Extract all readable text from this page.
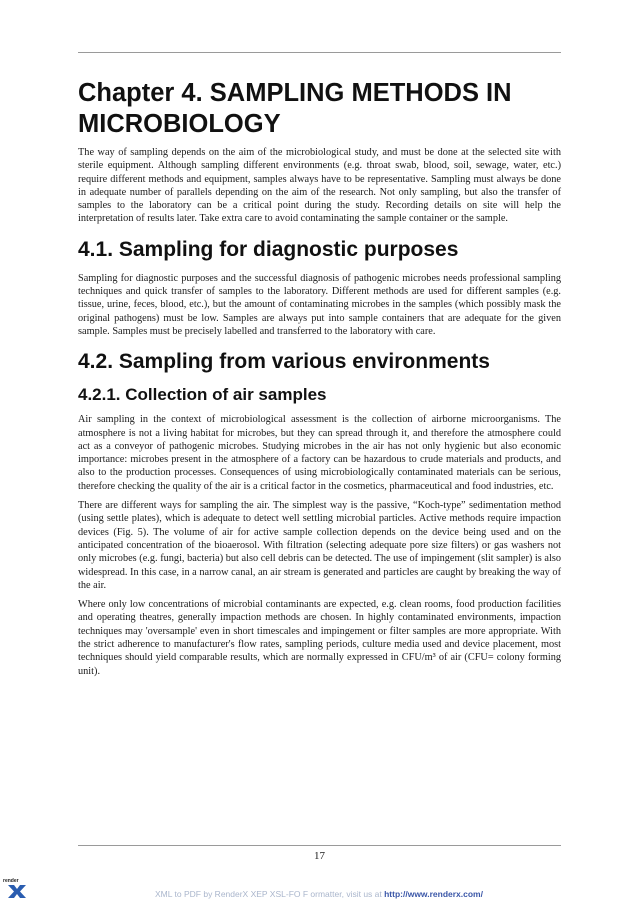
Chapter 4. SAMPLING METHODS IN MICROBIOLOGY

The way of sampling depends on the aim of the microbiological study, and must be done at the selected site with sterile equipment. Although sampling different environments (e.g. throat swab, blood, soil, sewage, water, etc.) require different methods and equipment, samples always have to be representative. Sampling must always be done in adequate number of parallels depending on the aim of the research. Not only sampling, but also the transfer of samples to the laboratory can be a critical point during the study. Recording details on site will help the interpretation of results later. Take extra care to avoid contaminating the sample container or the sample.

4.1. Sampling for diagnostic purposes

Sampling for diagnostic purposes and the successful diagnosis of pathogenic microbes needs professional sampling techniques and quick transfer of samples to the laboratory. Different methods are used for different samples (e.g. tissue, urine, feces, blood, etc.), but the amount of contaminating microbes in the samples (which possibly mask the original pathogens) must be low. Samples are always put into sample containers that are adequate for the given sample. Samples must be precisely labelled and transferred to the laboratory with care.

4.2. Sampling from various environments
4.2.1. Collection of air samples

Air sampling in the context of microbiological assessment is the collection of airborne microorganisms. The atmosphere is not a living habitat for microbes, but they can spread through it, and therefore the atmosphere could act as a conveyor of pathogenic microbes. Studying microbes in the air has not only hygienic but also economic importance: microbes present in the atmosphere of a factory can be hazardous to crude materials and products, and also to the production processes. Consequences of using microbiologically contaminated materials can be serious, therefore checking the quality of the air is a critical factor in the cosmetics, pharmaceutical and food industries, etc.

There are different ways for sampling the air. The simplest way is the passive, “Koch-type” sedimentation method (using settle plates), which is adequate to detect well settling microbial particles. Active methods require impaction devices (Fig. 5). The volume of air for active sample collection depends on the device being used and on the anticipated concentration of the bioaerosol. With filtration (selecting adequate pore size filters) or gas washers not only microbes (e.g. fungi, bacteria) but also cell debris can be detected. The use of impingement (slit sampler) is also widespread. In this case, in a narrow canal, an air stream is generated and particles are caught by breaking the way of the air.

Where only low concentrations of microbial contaminants are expected, e.g. clean rooms, food production facilities and operating theatres, generally impaction methods are chosen. In highly contaminated environments, impaction techniques may 'oversample' even in short timescales and impingement or filter samples are more appropriate. With the strict adherence to manufacturer's flow rates, sampling periods, culture media used and device placement, most techniques should yield comparable results, which are normally expressed in CFU/m³ of air (CFU= colony forming unit).

17
render
XML to PDF by RenderX XEP XSL-FO F ormatter, visit us at http://www.renderx.com/
